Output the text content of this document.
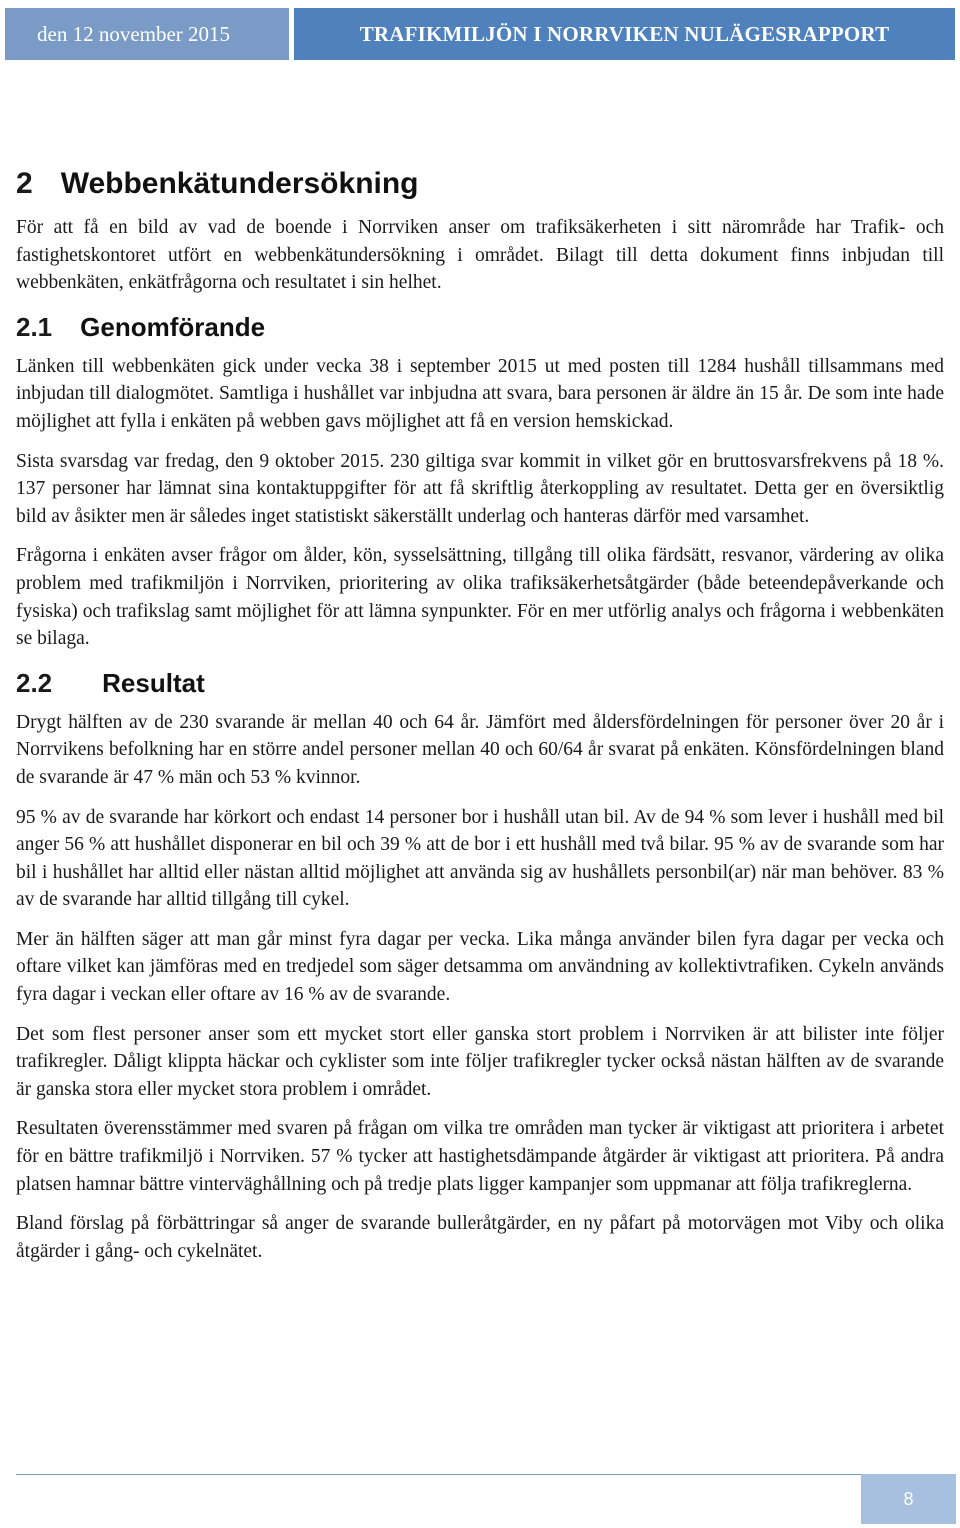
den 12 november 2015	TRAFIKMILJÖN I NORRVIKEN NULÄGESRAPPORT
2 Webbenkätundersökning

För att få en bild av vad de boende i Norrviken anser om trafiksäkerheten i sitt närområde har Trafik- och fastighetskontoret utfört en webbenkätundersökning i området. Bilagt till detta dokument finns inbjudan till webbenkäten, enkätfrågorna och resultatet i sin helhet.

2.1 Genomförande

Länken till webbenkäten gick under vecka 38 i september 2015 ut med posten till 1284 hushåll tillsammans med inbjudan till dialogmötet. Samtliga i hushållet var inbjudna att svara, bara personen är äldre än 15 år. De som inte hade möjlighet att fylla i enkäten på webben gavs möjlighet att få en version hemskickad.

Sista svarsdag var fredag, den 9 oktober 2015. 230 giltiga svar kommit in vilket gör en bruttosvarsfrekvens på 18 %. 137 personer har lämnat sina kontaktuppgifter för att få skriftlig återkoppling av resultatet. Detta ger en översiktlig bild av åsikter men är således inget statistiskt säkerställt underlag och hanteras därför med varsamhet.

Frågorna i enkäten avser frågor om ålder, kön, sysselsättning, tillgång till olika färdsätt, resvanor, värdering av olika problem med trafikmiljön i Norrviken, prioritering av olika trafiksäkerhetsåtgärder (både beteendepåverkande och fysiska) och trafikslag samt möjlighet för att lämna synpunkter. För en mer utförlig analys och frågorna i webbenkäten se bilaga.

2.2 Resultat

Drygt hälften av de 230 svarande är mellan 40 och 64 år. Jämfört med åldersfördelningen för personer över 20 år i Norrvikens befolkning har en större andel personer mellan 40 och 60/64 år svarat på enkäten. Könsfördelningen bland de svarande är 47 % män och 53 % kvinnor.

95 % av de svarande har körkort och endast 14 personer bor i hushåll utan bil. Av de 94 % som lever i hushåll med bil anger 56 % att hushållet disponerar en bil och 39 % att de bor i ett hushåll med två bilar. 95 % av de svarande som har bil i hushållet har alltid eller nästan alltid möjlighet att använda sig av hushållets personbil(ar) när man behöver. 83 % av de svarande har alltid tillgång till cykel.

Mer än hälften säger att man går minst fyra dagar per vecka. Lika många använder bilen fyra dagar per vecka och oftare vilket kan jämföras med en tredjedel som säger detsamma om användning av kollektivtrafiken. Cykeln används fyra dagar i veckan eller oftare av 16 % av de svarande.

Det som flest personer anser som ett mycket stort eller ganska stort problem i Norrviken är att bilister inte följer trafikregler. Dåligt klippta häckar och cyklister som inte följer trafikregler tycker också nästan hälften av de svarande är ganska stora eller mycket stora problem i området.

Resultaten överensstämmer med svaren på frågan om vilka tre områden man tycker är viktigast att prioritera i arbetet för en bättre trafikmiljö i Norrviken. 57 % tycker att hastighetsdämpande åtgärder är viktigast att prioritera. På andra platsen hamnar bättre vinterväghållning och på tredje plats ligger kampanjer som uppmanar att följa trafikreglerna.

Bland förslag på förbättringar så anger de svarande bulleråtgärder, en ny påfart på motorvägen mot Viby och olika åtgärder i gång- och cykelnätet.

8
